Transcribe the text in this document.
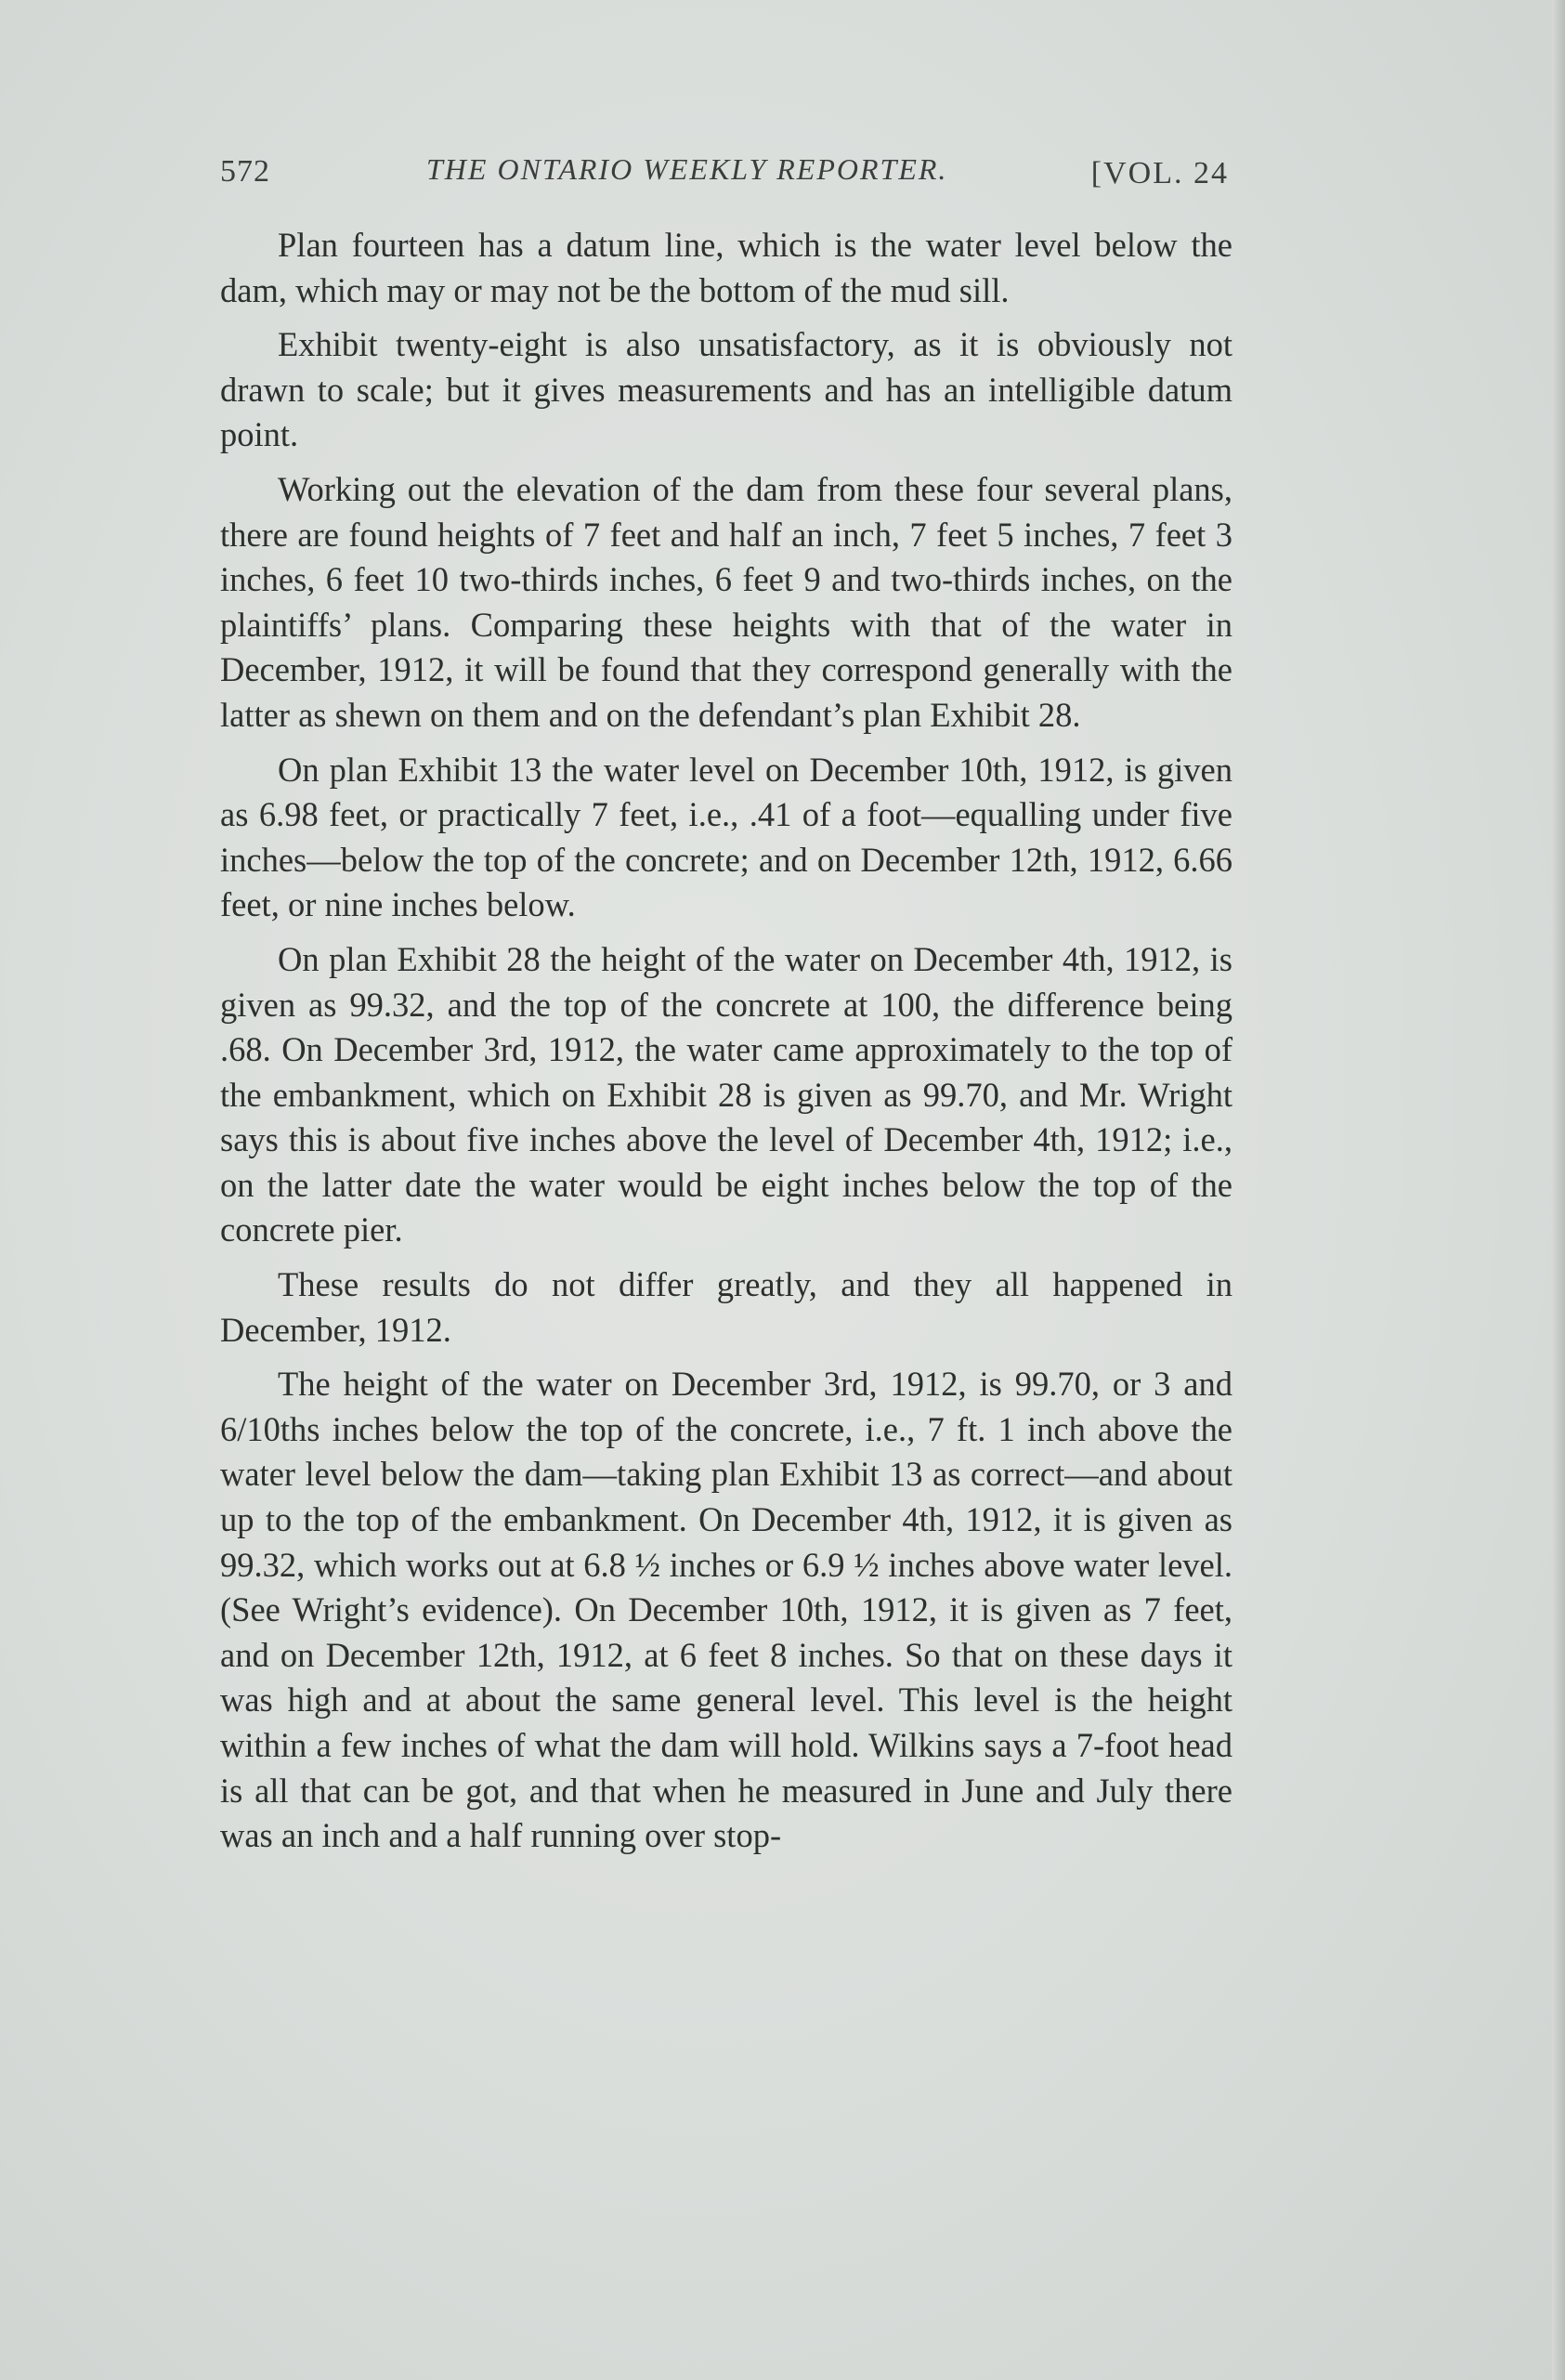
572	THE ONTARIO WEEKLY REPORTER.	[VOL. 24

Plan fourteen has a datum line, which is the water level below the dam, which may or may not be the bottom of the mud sill.

Exhibit twenty-eight is also unsatisfactory, as it is obviously not drawn to scale; but it gives measurements and has an intelligible datum point.

Working out the elevation of the dam from these four several plans, there are found heights of 7 feet and half an inch, 7 feet 5 inches, 7 feet 3 inches, 6 feet 10 two-thirds inches, 6 feet 9 and two-thirds inches, on the plaintiffs’ plans. Comparing these heights with that of the water in December, 1912, it will be found that they correspond generally with the latter as shewn on them and on the defendant’s plan Exhibit 28.

On plan Exhibit 13 the water level on December 10th, 1912, is given as 6.98 feet, or practically 7 feet, i.e., .41 of a foot—equalling under five inches—below the top of the concrete; and on December 12th, 1912, 6.66 feet, or nine inches below.

On plan Exhibit 28 the height of the water on December 4th, 1912, is given as 99.32, and the top of the concrete at 100, the difference being .68. On December 3rd, 1912, the water came approximately to the top of the embankment, which on Exhibit 28 is given as 99.70, and Mr. Wright says this is about five inches above the level of December 4th, 1912; i.e., on the latter date the water would be eight inches below the top of the concrete pier.

These results do not differ greatly, and they all happened in December, 1912.

The height of the water on December 3rd, 1912, is 99.70, or 3 and 6/10ths inches below the top of the concrete, i.e., 7 ft. 1 inch above the water level below the dam—taking plan Exhibit 13 as correct—and about up to the top of the embankment. On December 4th, 1912, it is given as 99.32, which works out at 6.8 ½ inches or 6.9 ½ inches above water level. (See Wright’s evidence). On December 10th, 1912, it is given as 7 feet, and on December 12th, 1912, at 6 feet 8 inches. So that on these days it was high and at about the same general level. This level is the height within a few inches of what the dam will hold. Wilkins says a 7-foot head is all that can be got, and that when he measured in June and July there was an inch and a half running over stop-
